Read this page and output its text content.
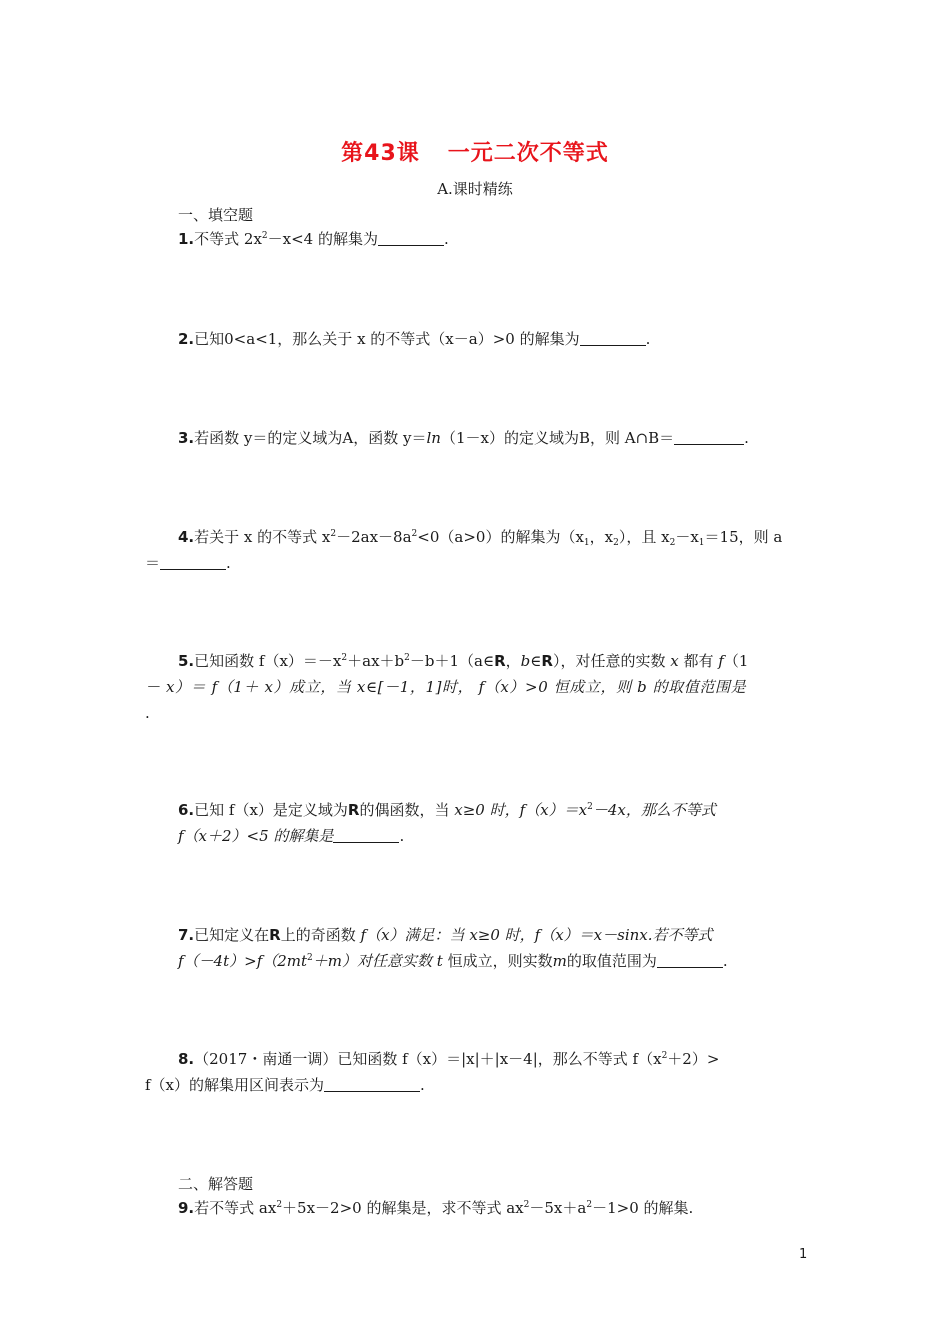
第43课 一元二次不等式
A.课时精练
一、填空题
1.不等式 $2x^2-x<4$ 的解集为	.
2.已知0<a<1，那么关于 x 的不等式（x－a）>0 的解集为	.
3.若函数 y＝的定义域为A，函数 y＝ln（1－x）的定义域为B，则 A∩B＝	.
4.若关于 x 的不等式 $x^2-2ax-8a^2<0(a>0)$的解集为（$x_1$，$x_2$），且 $x_2-x_1=15$，则 a
＝	.
5.已知函数 $f(x)=-x^2+ax+b^2-b+1(a\in R$，b∈R），对任意的实数 x 都有 f（1
－ x）＝ f（1＋ x）成立，当 x∈[－1，1]时， f（x）>0 恒成立，则 b 的取值范围是
.
6.已知 f（x）是定义域为R的偶函数，当 x≥0 时，$f(x)=x^2-4x$，那么不等式
f（x＋2）<5 的解集是	.
7.已知定义在R上的奇函数 f（x）满足：当 x≥0 时，f（x）＝x－sinx.若不等式
$f(-4t)>f(2mt^2+m)$对任意实数 t 恒成立，则实数m的取值范围为	.
8.（2017・南通一调）已知函数 f（x）＝|x|＋|x－4|，那么不等式 $f(x^2+2)>$
f（x）的解集用区间表示为	.
二、解答题
9.若不等式 $ax^2+5x-2>0$ 的解集是，求不等式 $ax^2-5x+a^2-1>0$ 的解集.
1
